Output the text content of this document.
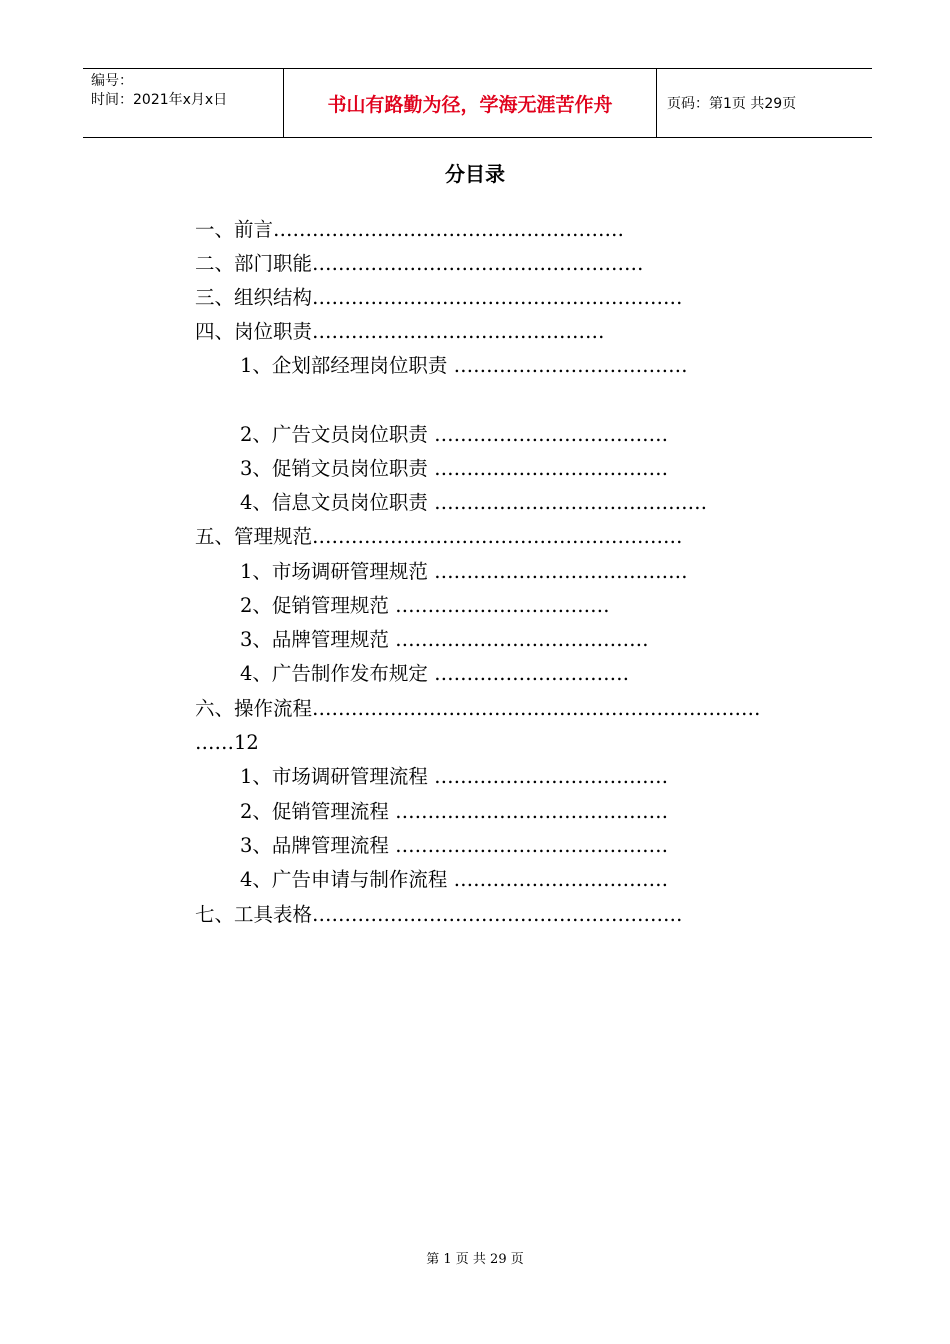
编号：
时间：2021年x月x日	书山有路勤为径，学海无涯苦作舟	页码：第1页 共29页
分目录
一、前言………………………………………………
二、部门职能……………………………………………
三、组织结构…………………………………………………
四、岗位职责………………………………………
1、企划部经理岗位职责 ………………………………
2、广告文员岗位职责 ………………………………
3、促销文员岗位职责 ………………………………
4、信息文员岗位职责 ……………………………………
五、管理规范…………………………………………………
1、市场调研管理规范 …………………………………
2、促销管理规范 ……………………………
3、品牌管理规范 …………………………………
4、广告制作发布规定 …………………………
六、操作流程……………………………………………………………
……12
1、市场调研管理流程 ………………………………
2、促销管理流程 ……………………………………
3、品牌管理流程 ……………………………………
4、广告申请与制作流程 ……………………………
七、工具表格…………………………………………………
第 1 页 共 29 页
